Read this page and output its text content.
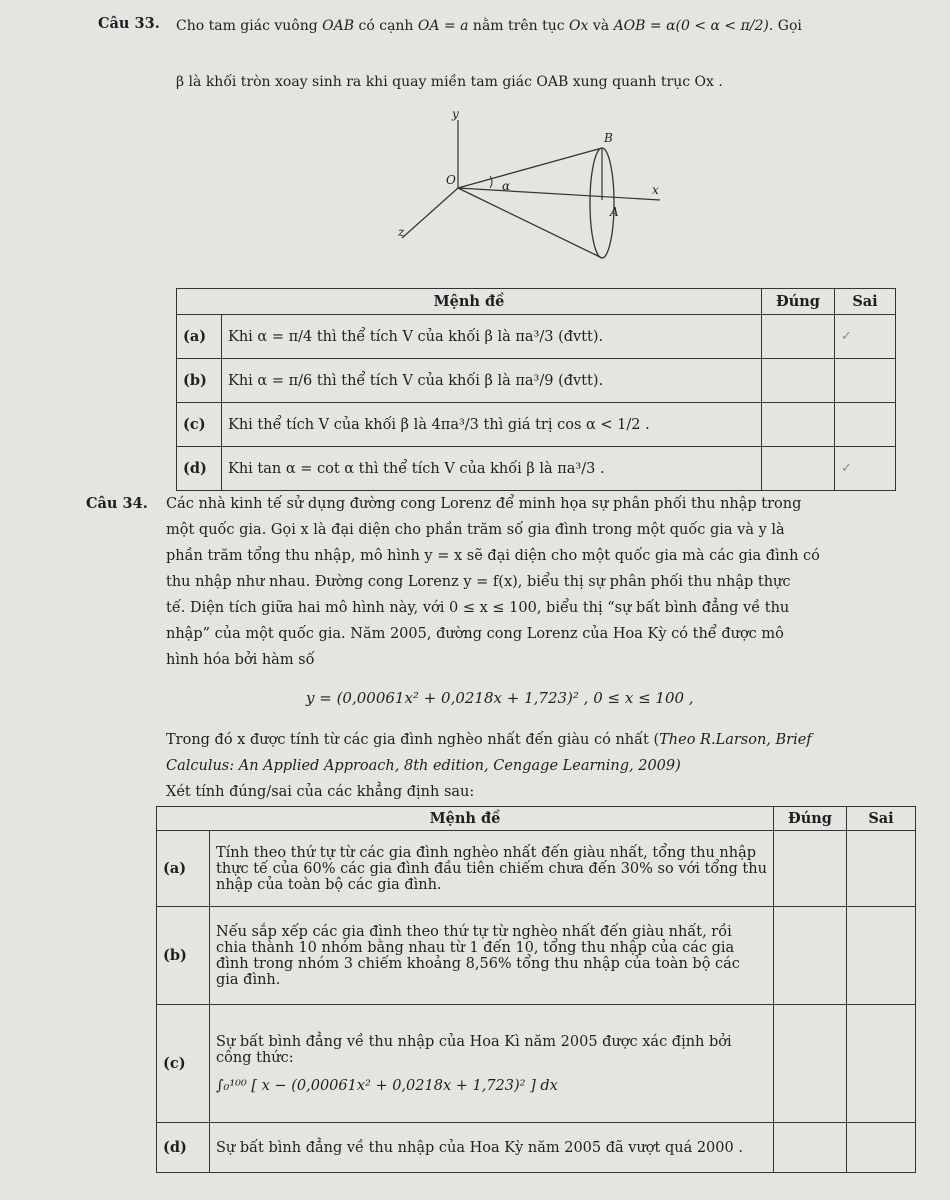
Câu 33. Cho tam giác vuông OAB có cạnh OA = a nằm trên tục Ox và AOB = α(0 < α < π/2). Gọi
β là khối tròn xoay sinh ra khi quay miền tam giác OAB xung quanh trục Ox .
y
B
O	α	x
A
z
Mệnh đề		Đúng	Sai
(a)	Khi α = π/4 thì thể tích V của khối β là πa³/3 (đvtt).		✓
(b)	Khi α = π/6 thì thể tích V của khối β là πa³/9 (đvtt).		
(c)	Khi thể tích V của khối β là 4πa³/3 thì giá trị cos α < 1/2 .		
(d)	Khi tan α = cot α thì thể tích V của khối β là πa³/3 .		✓
Câu 34. Các nhà kinh tế sử dụng đường cong Lorenz để minh họa sự phân phối thu nhập trong
một quốc gia. Gọi x là đại diện cho phần trăm số gia đình trong một quốc gia và y là
phần trăm tổng thu nhập, mô hình y = x sẽ đại diện cho một quốc gia mà các gia đình có
thu nhập như nhau. Đường cong Lorenz y = f(x), biểu thị sự phân phối thu nhập thực
tế. Diện tích giữa hai mô hình này, với 0 ≤ x ≤ 100, biểu thị “sự bất bình đẳng về thu
nhập” của một quốc gia. Năm 2005, đường cong Lorenz của Hoa Kỳ có thể được mô
hình hóa bởi hàm số
y = (0,00061x² + 0,0218x + 1,723)² , 0 ≤ x ≤ 100 ,
Trong đó x được tính từ các gia đình nghèo nhất đến giàu có nhất (Theo R.Larson, Brief
Calculus: An Applied Approach, 8th edition, Cengage Learning, 2009)
Xét tính đúng/sai của các khẳng định sau:
Mệnh đề		Đúng	Sai
(a)	Tính theo thứ tự từ các gia đình nghèo nhất đến giàu nhất, tổng thu nhập thực tế của 60% các gia đình đầu tiên chiếm chưa đến 30% so với tổng thu nhập của toàn bộ các gia đình.		
(b)	Nếu sắp xếp các gia đình theo thứ tự từ nghèo nhất đến giàu nhất, rồi chia thành 10 nhóm bằng nhau từ 1 đến 10, tổng thu nhập của các gia đình trong nhóm 3 chiếm khoảng 8,56% tổng thu nhập của toàn bộ các gia đình.		
(c)	Sự bất bình đẳng về thu nhập của Hoa Kì năm 2005 được xác định bởi công thức:
∫₀¹⁰⁰ [ x − (0,00061x² + 0,0218x + 1,723)² ] dx		

(d)	Sự bất bình đẳng về thu nhập của Hoa Kỳ năm 2005 đã vượt quá 2000 .		
